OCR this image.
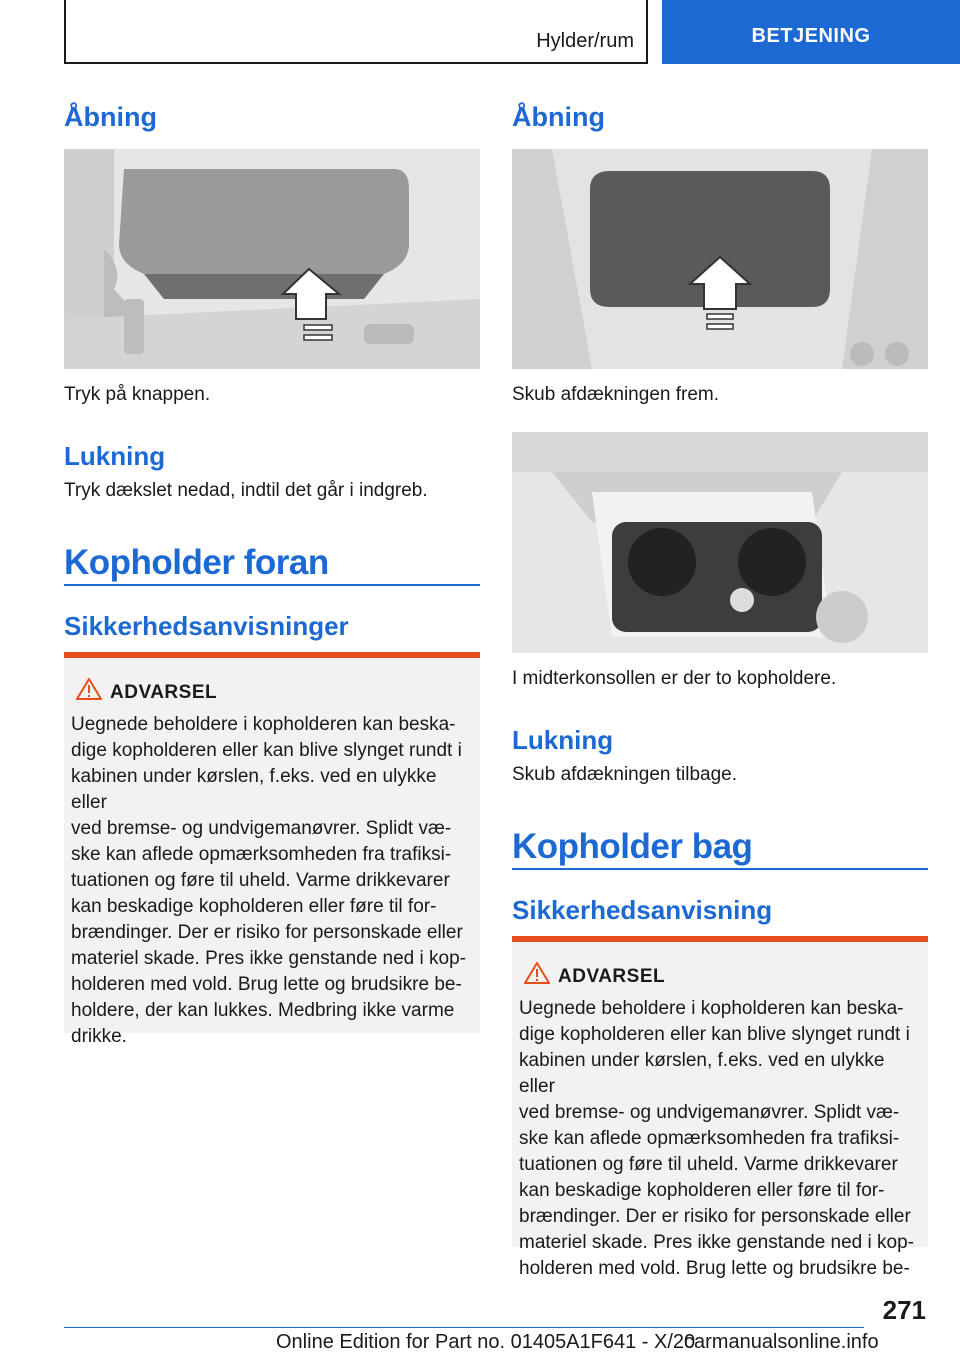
Hylder/rum	BETJENING
Åbning
Tryk på knappen.
Lukning
Tryk dækslet nedad, indtil det går i indgreb.
Kopholder foran
Sikkerhedsanvisninger
ADVARSEL
Uegnede beholdere i kopholderen kan beska‐
dige kopholderen eller kan blive slynget rundt i
kabinen under kørslen, f.eks. ved en ulykke eller
ved bremse- og undvigemanøvrer. Splidt væ‐
ske kan aflede opmærksomheden fra trafiksi‐
tuationen og føre til uheld. Varme drikkevarer
kan beskadige kopholderen eller føre til for‐
brændinger. Der er risiko for personskade eller
materiel skade. Pres ikke genstande ned i kop‐
holderen med vold. Brug lette og brudsikre be‐
holdere, der kan lukkes. Medbring ikke varme
drikke.
Åbning
Skub afdækningen frem.
I midterkonsollen er der to kopholdere.
Lukning
Skub afdækningen tilbage.
Kopholder bag
Sikkerhedsanvisning
ADVARSEL
Uegnede beholdere i kopholderen kan beska‐
dige kopholderen eller kan blive slynget rundt i
kabinen under kørslen, f.eks. ved en ulykke eller
ved bremse- og undvigemanøvrer. Splidt væ‐
ske kan aflede opmærksomheden fra trafiksi‐
tuationen og føre til uheld. Varme drikkevarer
kan beskadige kopholderen eller føre til for‐
brændinger. Der er risiko for personskade eller
materiel skade. Pres ikke genstande ned i kop‐
holderen med vold. Brug lette og brudsikre be‐
271
Online Edition for Part no. 01405A1F641 - X/20
carmanualsonline.info
